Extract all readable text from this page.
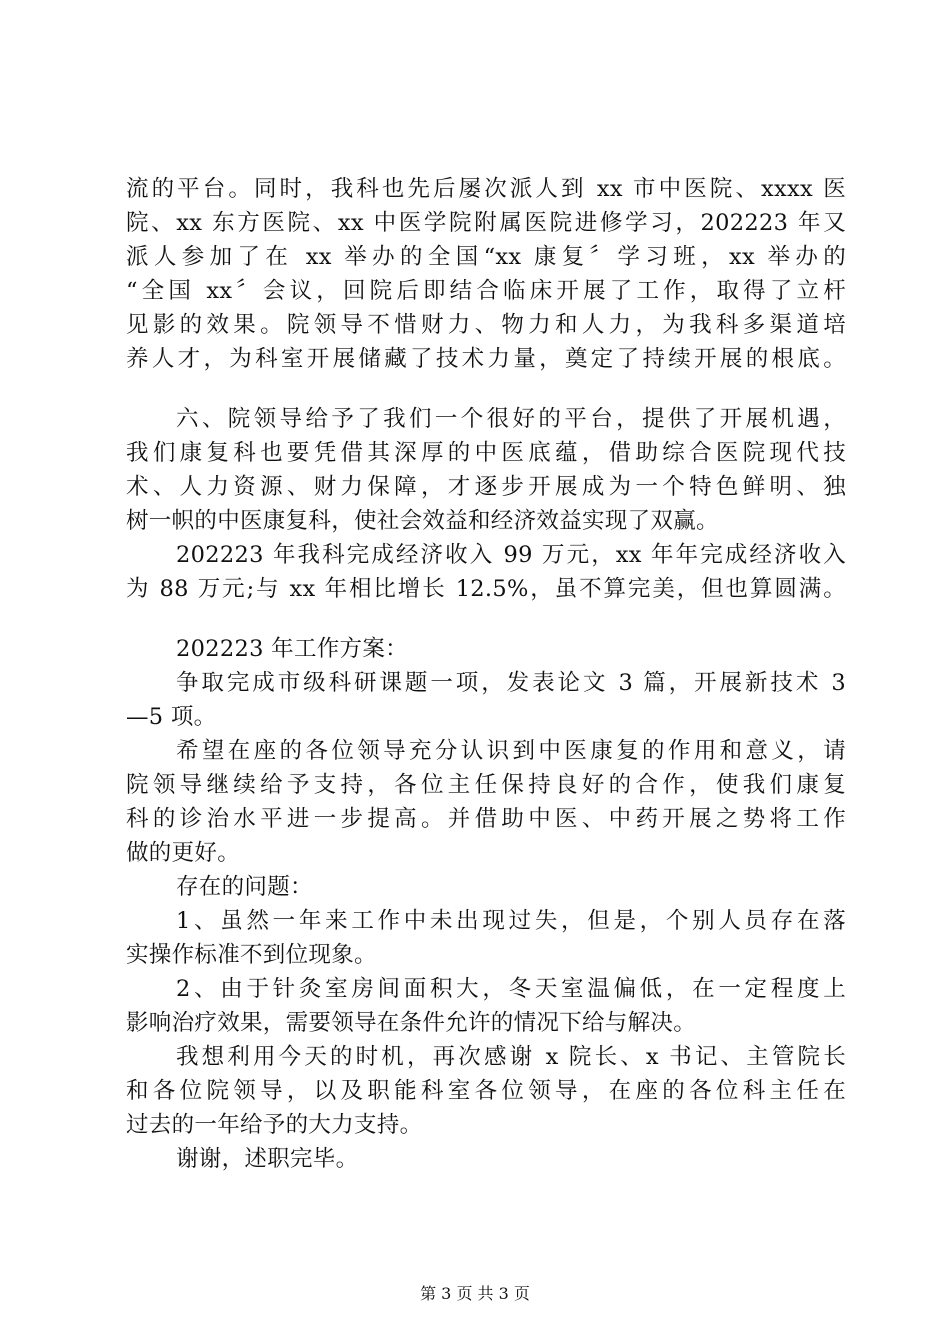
流的平台。同时，我科也先后屡次派人到 xx 市中医院、xxxx 医
院、xx 东方医院、xx 中医学院附属医院进修学习，202223 年又
派人参加了在 xx 举办的全国“xx 康复〞学习班，xx 举办的
“全国 xx〞会议，回院后即结合临床开展了工作，取得了立杆
见影的效果。院领导不惜财力、物力和人力，为我科多渠道培
养人才，为科室开展储藏了技术力量，奠定了持续开展的根底。
六、院领导给予了我们一个很好的平台，提供了开展机遇，
我们康复科也要凭借其深厚的中医底蕴，借助综合医院现代技
术、人力资源、财力保障，才逐步开展成为一个特色鲜明、独
树一帜的中医康复科，使社会效益和经济效益实现了双赢。
202223 年我科完成经济收入 99 万元，xx 年年完成经济收入
为 88 万元;与 xx 年相比增长 12.5%，虽不算完美，但也算圆满。
202223 年工作方案：
争取完成市级科研课题一项，发表论文 3 篇，开展新技术 3
—5 项。
希望在座的各位领导充分认识到中医康复的作用和意义，请
院领导继续给予支持，各位主任保持良好的合作，使我们康复
科的诊治水平进一步提高。并借助中医、中药开展之势将工作
做的更好。
存在的问题：
1、虽然一年来工作中未出现过失，但是，个别人员存在落
实操作标准不到位现象。
2、由于针灸室房间面积大，冬天室温偏低，在一定程度上
影响治疗效果，需要领导在条件允许的情况下给与解决。
我想利用今天的时机，再次感谢 x 院长、x 书记、主管院长
和各位院领导，以及职能科室各位领导，在座的各位科主任在
过去的一年给予的大力支持。
谢谢，述职完毕。
第 3 页 共 3 页
